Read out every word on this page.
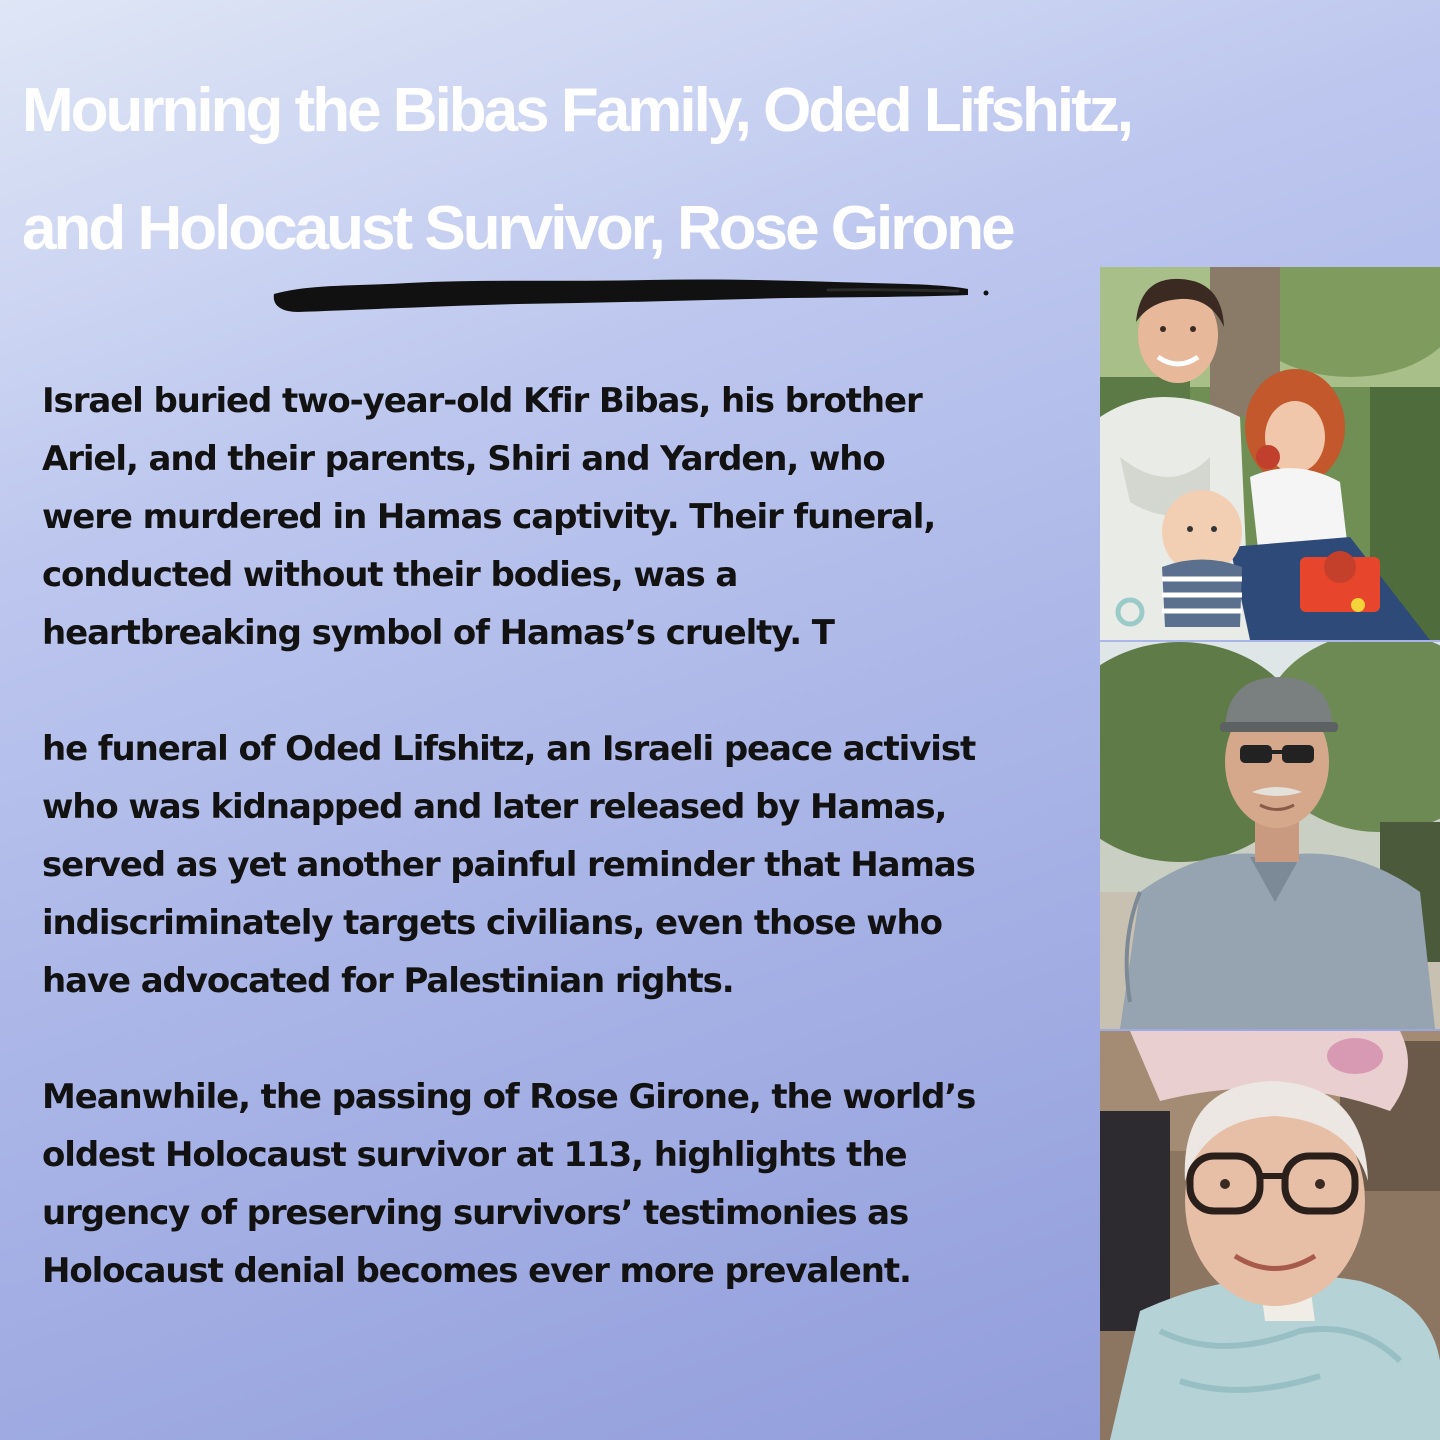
Mourning the Bibas Family, Oded Lifshitz,
and Holocaust Survivor, Rose Girone

Israel buried two-year-old Kfir Bibas, his brother
Ariel, and their parents, Shiri and Yarden, who
were murdered in Hamas captivity. Their funeral,
conducted without their bodies, was a
heartbreaking symbol of Hamas’s cruelty. T

he funeral of Oded Lifshitz, an Israeli peace activist
who was kidnapped and later released by Hamas,
served as yet another painful reminder that Hamas
indiscriminately targets civilians, even those who
have advocated for Palestinian rights.

Meanwhile, the passing of Rose Girone, the world’s
oldest Holocaust survivor at 113, highlights the
urgency of preserving survivors’ testimonies as
Holocaust denial becomes ever more prevalent.
